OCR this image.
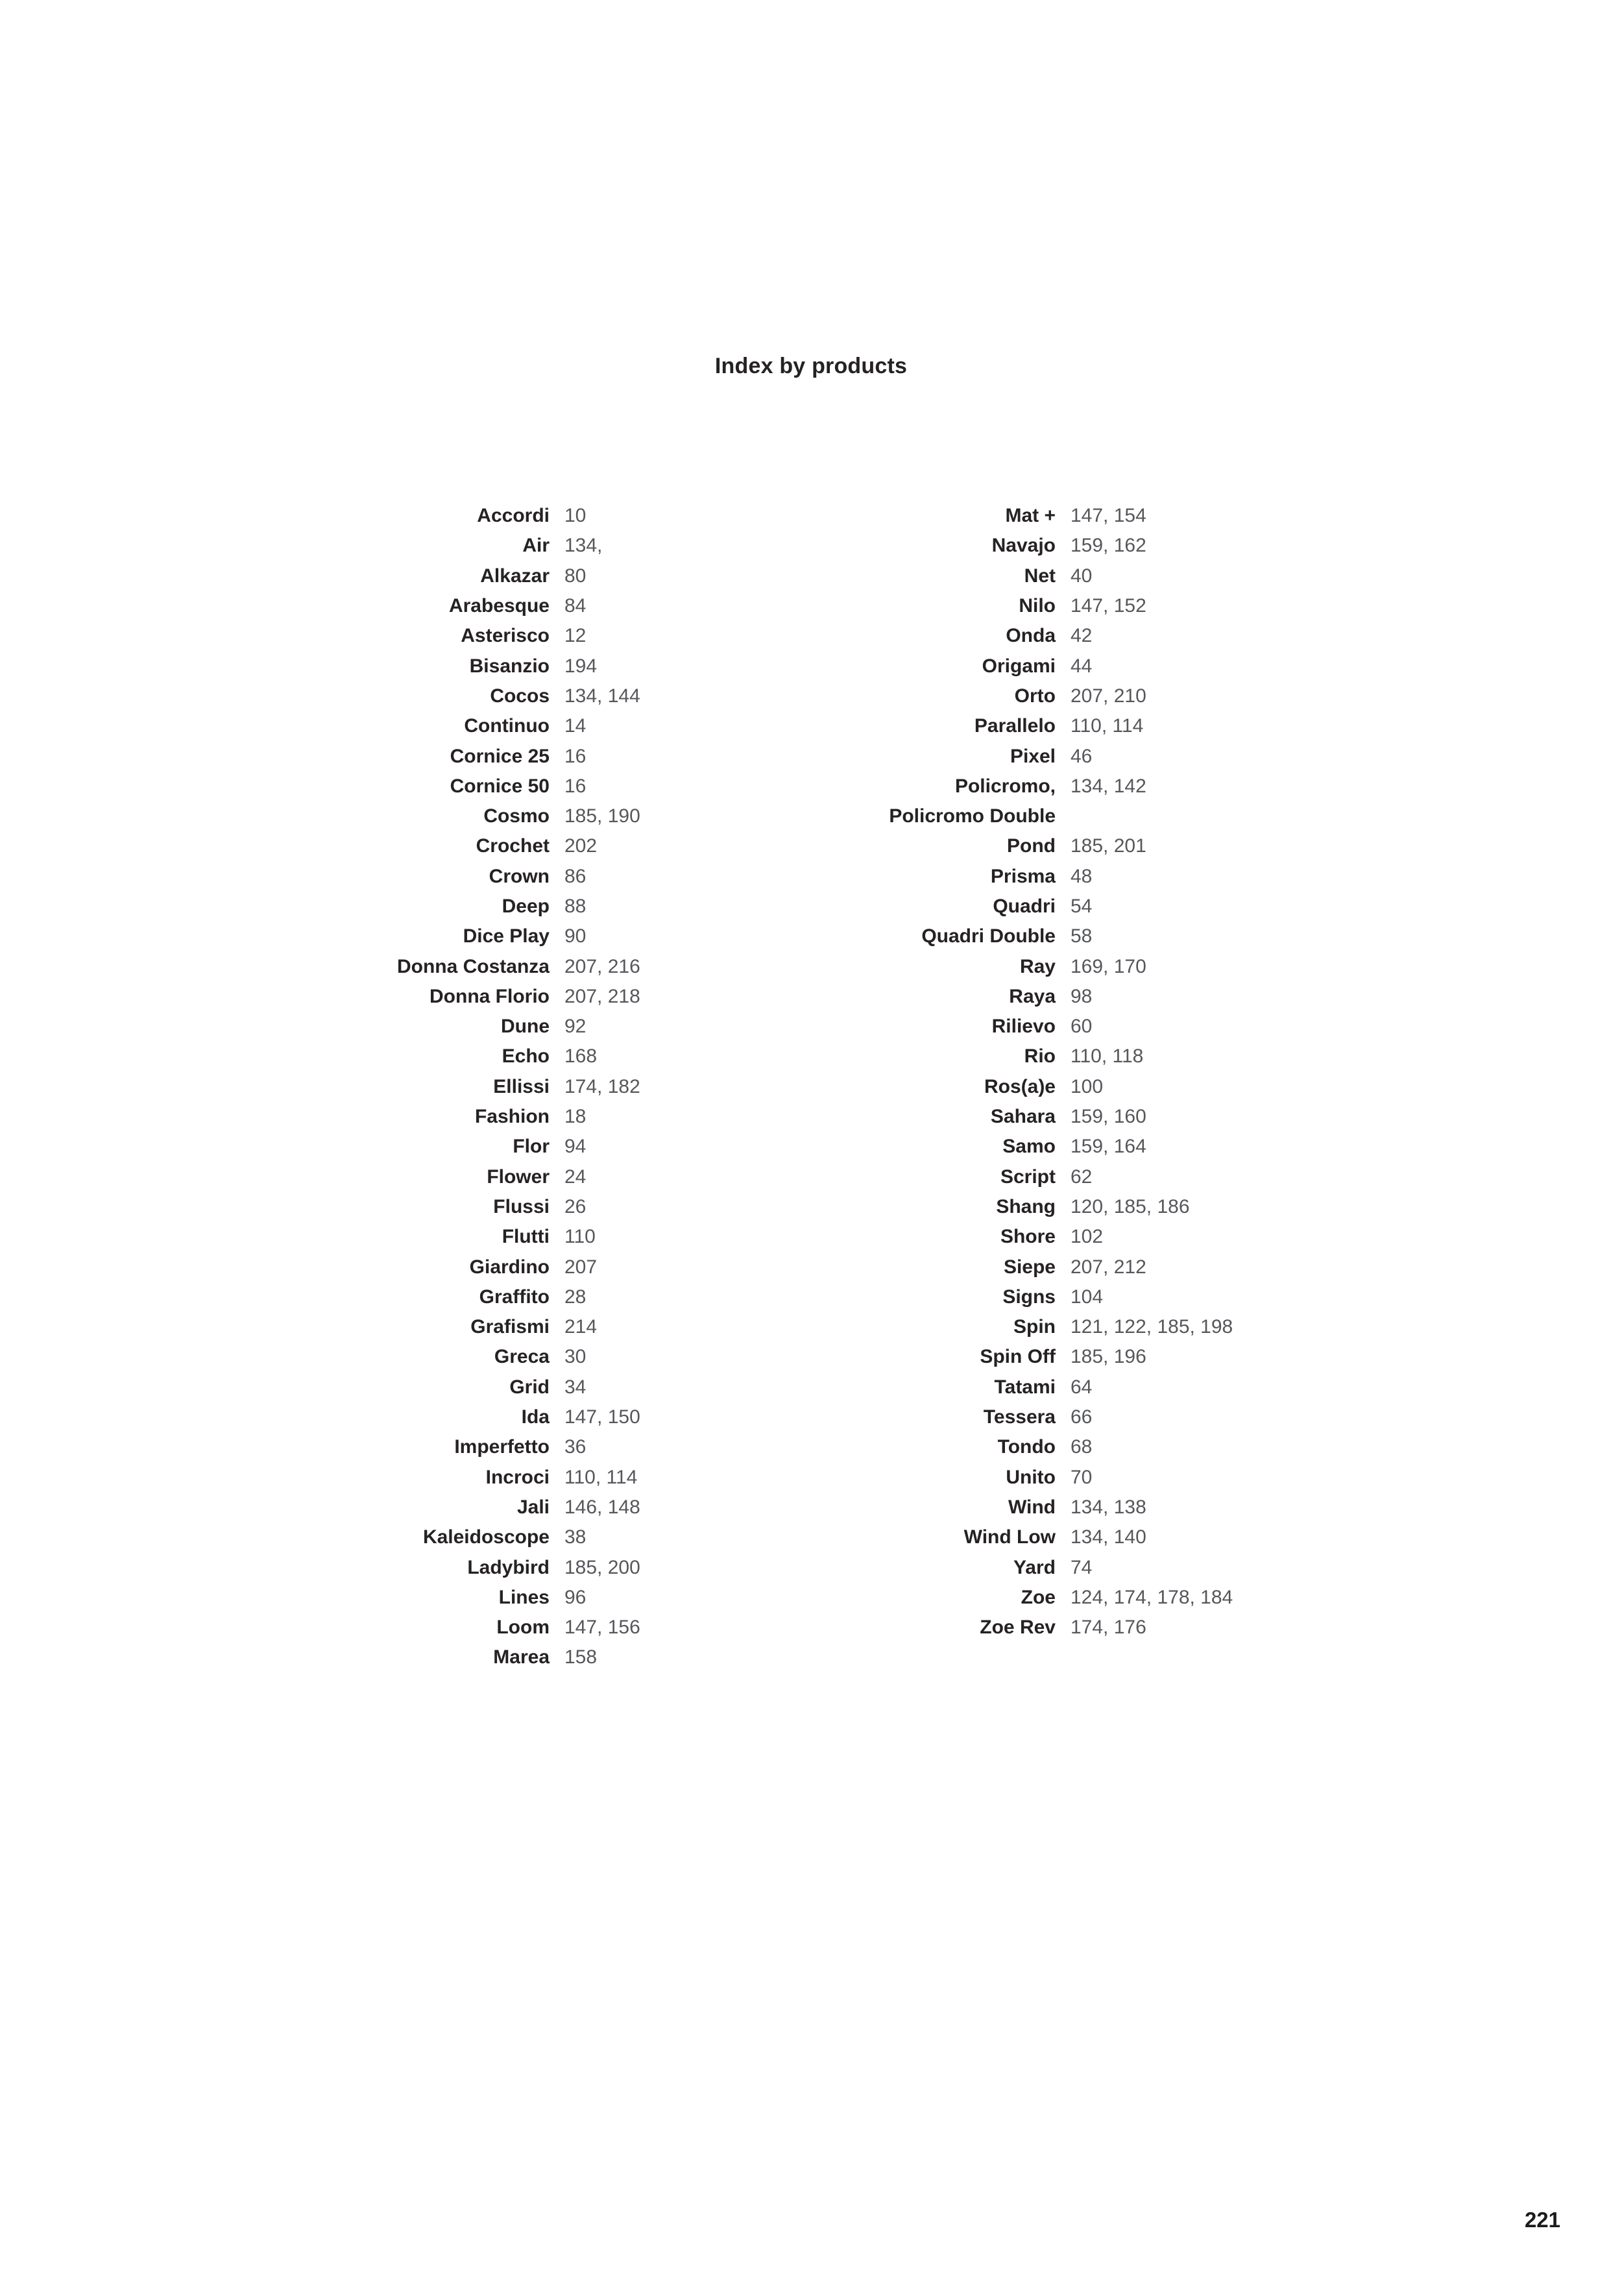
Index by products
Accordi 10
Air 134,
Alkazar 80
Arabesque 84
Asterisco 12
Bisanzio 194
Cocos 134, 144
Continuo 14
Cornice 25 16
Cornice 50 16
Cosmo 185, 190
Crochet 202
Crown 86
Deep 88
Dice Play 90
Donna Costanza 207, 216
Donna Florio 207, 218
Dune 92
Echo 168
Ellissi 174, 182
Fashion 18
Flor 94
Flower 24
Flussi 26
Flutti 110
Giardino 207
Graffito 28
Grafismi 214
Greca 30
Grid 34
Ida 147, 150
Imperfetto 36
Incroci 110, 114
Jali 146, 148
Kaleidoscope 38
Ladybird 185, 200
Lines 96
Loom 147, 156
Marea 158
Mat + 147, 154
Navajo 159, 162
Net 40
Nilo 147, 152
Onda 42
Origami 44
Orto 207, 210
Parallelo 110, 114
Pixel 46
Policromo, 134, 142
Policromo Double
Pond 185, 201
Prisma 48
Quadri 54
Quadri Double 58
Ray 169, 170
Raya 98
Rilievo 60
Rio 110, 118
Ros(a)e 100
Sahara 159, 160
Samo 159, 164
Script 62
Shang 120, 185, 186
Shore 102
Siepe 207, 212
Signs 104
Spin 121, 122, 185, 198
Spin Off 185, 196
Tatami 64
Tessera 66
Tondo 68
Unito 70
Wind 134, 138
Wind Low 134, 140
Yard 74
Zoe 124, 174, 178, 184
Zoe Rev 174, 176
221
